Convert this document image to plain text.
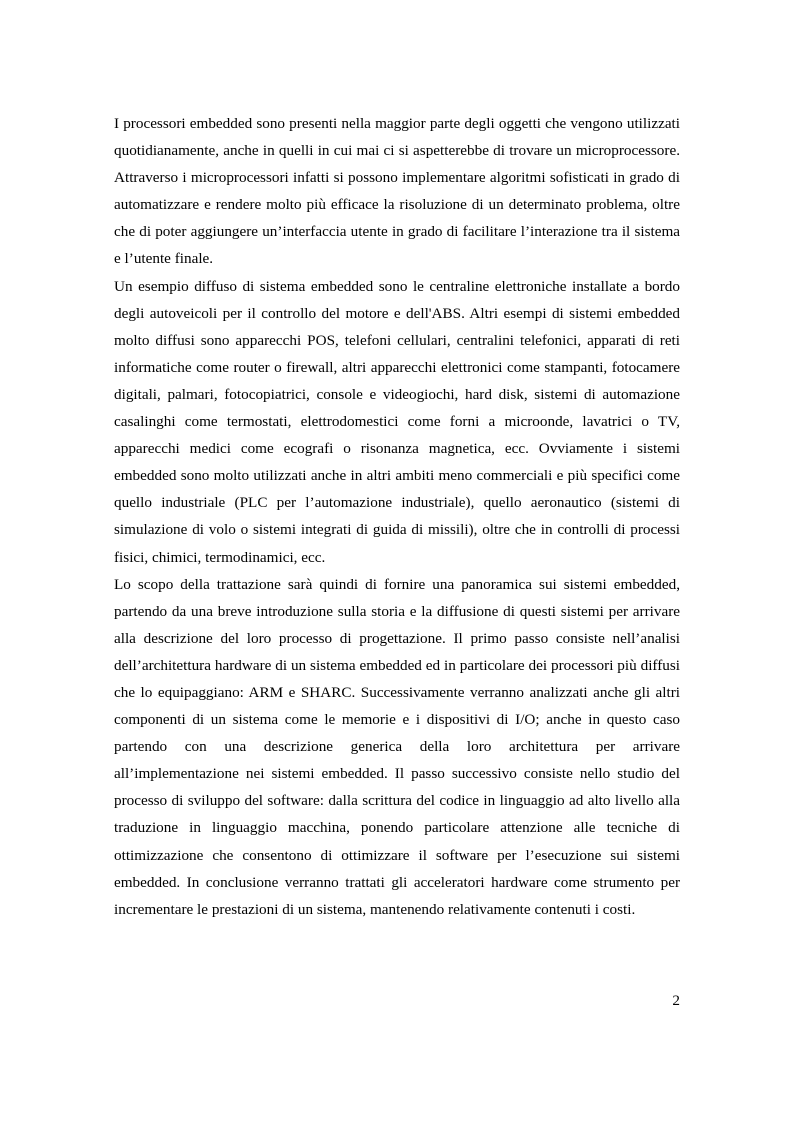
I processori embedded sono presenti nella maggior parte degli oggetti che vengono utilizzati quotidianamente, anche in quelli in cui mai ci si aspetterebbe di trovare un microprocessore. Attraverso i microprocessori infatti si possono implementare algoritmi sofisticati in grado di automatizzare e rendere molto più efficace la risoluzione di un determinato problema, oltre che di poter aggiungere un’interfaccia utente in grado di facilitare l’interazione tra il sistema e l’utente finale.

Un esempio diffuso di sistema embedded sono le centraline elettroniche installate a bordo degli autoveicoli per il controllo del motore e dell'ABS. Altri esempi di sistemi embedded molto diffusi sono apparecchi POS, telefoni cellulari, centralini telefonici, apparati di reti informatiche come router o firewall, altri apparecchi elettronici come stampanti, fotocamere digitali, palmari, fotocopiatrici, console e videogiochi, hard disk, sistemi di automazione casalinghi come termostati, elettrodomestici come forni a microonde, lavatrici o TV, apparecchi medici come ecografi o risonanza magnetica, ecc. Ovviamente i sistemi embedded sono molto utilizzati anche in altri ambiti meno commerciali e più specifici come quello industriale (PLC per l’automazione industriale), quello aeronautico (sistemi di simulazione di volo o sistemi integrati di guida di missili), oltre che in controlli di processi fisici, chimici, termodinamici, ecc.

Lo scopo della trattazione sarà quindi di fornire una panoramica sui sistemi embedded, partendo da una breve introduzione sulla storia e la diffusione di questi sistemi per arrivare alla descrizione del loro processo di progettazione. Il primo passo consiste nell’analisi dell’architettura hardware di un sistema embedded ed in particolare dei processori più diffusi che lo equipaggiano: ARM e SHARC. Successivamente verranno analizzati anche gli altri componenti di un sistema come le memorie e i dispositivi di I/O; anche in questo caso partendo con una descrizione generica della loro architettura per arrivare all’implementazione nei sistemi embedded. Il passo successivo consiste nello studio del processo di sviluppo del software: dalla scrittura del codice in linguaggio ad alto livello alla traduzione in linguaggio macchina, ponendo particolare attenzione alle tecniche di ottimizzazione che consentono di ottimizzare il software per l’esecuzione sui sistemi embedded. In conclusione verranno trattati gli acceleratori hardware come strumento per incrementare le prestazioni di un sistema, mantenendo relativamente contenuti i costi.

2
